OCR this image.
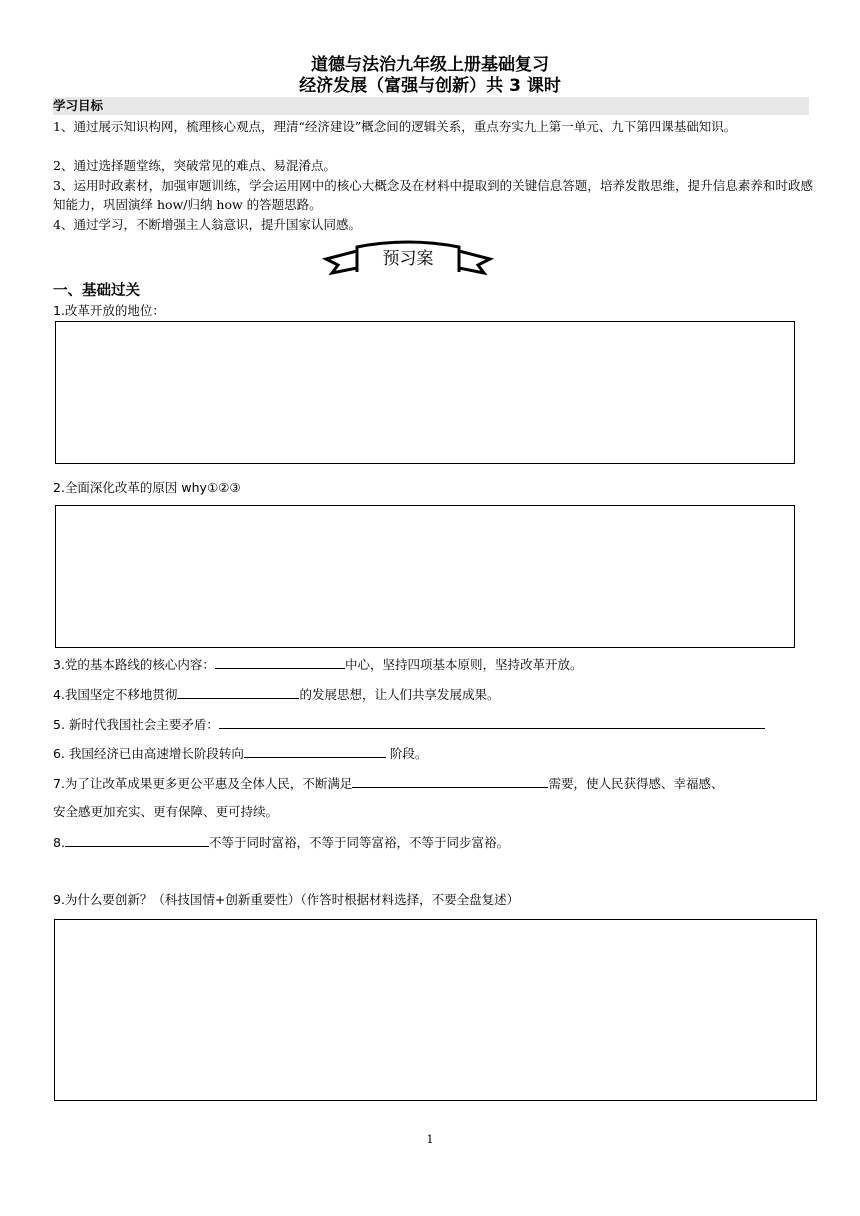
道德与法治九年级上册基础复习
经济发展（富强与创新）共 3 课时
学习目标
1、通过展示知识构网，梳理核心观点，理清“经济建设”概念间的逻辑关系，重点夯实九上第一单元、九下第四课基础知识。
2、通过选择题堂练，突破常见的难点、易混淆点。
3、运用时政素材，加强审题训练，学会运用网中的核心大概念及在材料中提取到的关键信息答题，培养发散思维，提升信息素养和时政感知能力，巩固演绎 how/归纳 how 的答题思路。
4、通过学习，不断增强主人翁意识，提升国家认同感。
预习案
一、基础过关
1.改革开放的地位：
2.全面深化改革的原因 why①②③
3.党的基本路线的核心内容：	中心，坚持四项基本原则，坚持改革开放。
4.我国坚定不移地贯彻	的发展思想，让人们共享发展成果。
5. 新时代我国社会主要矛盾：
6. 我国经济已由高速增长阶段转向	阶段。
7.为了让改革成果更多更公平惠及全体人民，不断满足	需要，使人民获得感、幸福感、
安全感更加充实、更有保障、更可持续。
8.	不等于同时富裕，不等于同等富裕，不等于同步富裕。
9.为什么要创新？（科技国情+创新重要性）（作答时根据材料选择，不要全盘复述）
1
